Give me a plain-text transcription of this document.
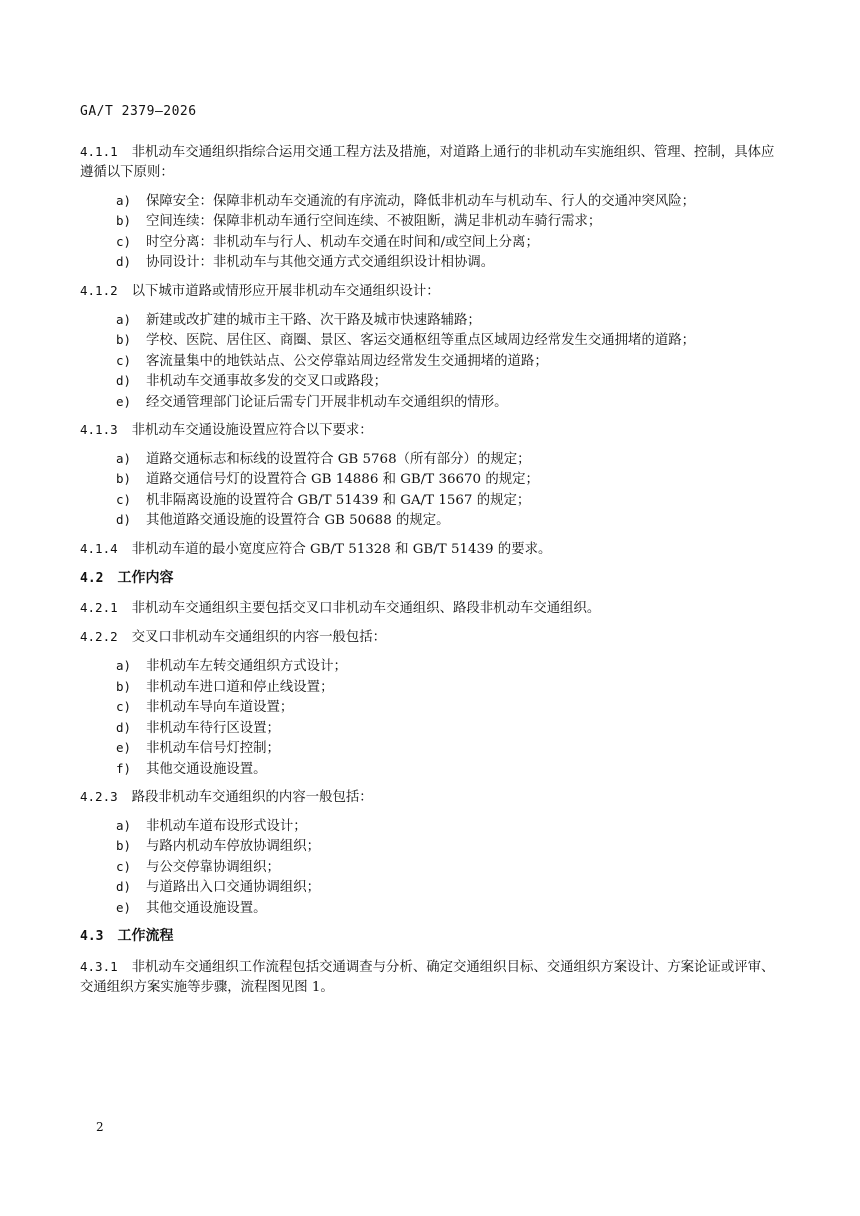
GA/T 2379—2026
4.1.1 非机动车交通组织指综合运用交通工程方法及措施，对道路上通行的非机动车实施组织、管理、控制，具体应遵循以下原则：
a) 保障安全：保障非机动车交通流的有序流动，降低非机动车与机动车、行人的交通冲突风险；
b) 空间连续：保障非机动车通行空间连续、不被阻断，满足非机动车骑行需求；
c) 时空分离：非机动车与行人、机动车交通在时间和/或空间上分离；
d) 协同设计：非机动车与其他交通方式交通组织设计相协调。
4.1.2 以下城市道路或情形应开展非机动车交通组织设计：
a) 新建或改扩建的城市主干路、次干路及城市快速路辅路；
b) 学校、医院、居住区、商圈、景区、客运交通枢纽等重点区域周边经常发生交通拥堵的道路；
c) 客流量集中的地铁站点、公交停靠站周边经常发生交通拥堵的道路；
d) 非机动车交通事故多发的交叉口或路段；
e) 经交通管理部门论证后需专门开展非机动车交通组织的情形。
4.1.3 非机动车交通设施设置应符合以下要求：
a) 道路交通标志和标线的设置符合 GB 5768（所有部分）的规定；
b) 道路交通信号灯的设置符合 GB 14886 和 GB/T 36670 的规定；
c) 机非隔离设施的设置符合 GB/T 51439 和 GA/T 1567 的规定；
d) 其他道路交通设施的设置符合 GB 50688 的规定。
4.1.4 非机动车道的最小宽度应符合 GB/T 51328 和 GB/T 51439 的要求。
4.2 工作内容
4.2.1 非机动车交通组织主要包括交叉口非机动车交通组织、路段非机动车交通组织。
4.2.2 交叉口非机动车交通组织的内容一般包括：
a) 非机动车左转交通组织方式设计；
b) 非机动车进口道和停止线设置；
c) 非机动车导向车道设置；
d) 非机动车待行区设置；
e) 非机动车信号灯控制；
f) 其他交通设施设置。
4.2.3 路段非机动车交通组织的内容一般包括：
a) 非机动车道布设形式设计；
b) 与路内机动车停放协调组织；
c) 与公交停靠协调组织；
d) 与道路出入口交通协调组织；
e) 其他交通设施设置。
4.3 工作流程
4.3.1 非机动车交通组织工作流程包括交通调查与分析、确定交通组织目标、交通组织方案设计、方案论证或评审、交通组织方案实施等步骤，流程图见图 1。
2
